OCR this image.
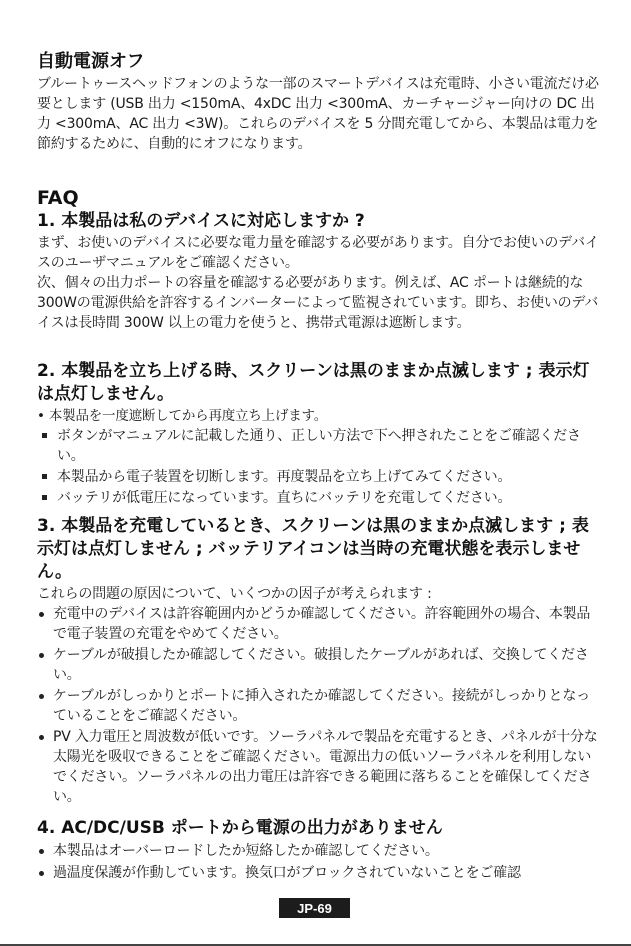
自動電源オフ

ブルートゥースヘッドフォンのような一部のスマートデバイスは充電時、小さい電流だけ必要とします (USB 出力 <150mA、4xDC 出力 <300mA、カーチャージャー向けの DC 出力 <300mA、AC 出力 <3W)。これらのデバイスを 5 分間充電してから、本製品は電力を節約するために、自動的にオフになります。

FAQ
1. 本製品は私のデバイスに対応しますか ?

まず、お使いのデバイスに必要な電力量を確認する必要があります。自分でお使いのデバイスのユーザマニュアルをご確認ください。

次、個々の出力ポートの容量を確認する必要があります。例えば、AC ポートは継続的な300Wの電源供給を許容するインバーターによって監視されています。即ち、お使いのデバイスは長時間 300W 以上の電力を使うと、携帯式電源は遮断します。

2. 本製品を立ち上げる時、スクリーンは黒のままか点滅します ; 表示灯は点灯しません。

• 本製品を一度遮断してから再度立ち上げます。

ボタンがマニュアルに記載した通り、正しい方法で下へ押されたことをご確認ください。
本製品から電子装置を切断します。再度製品を立ち上げてみてください。
バッテリが低電圧になっています。直ちにバッテリを充電してください。
3. 本製品を充電しているとき、スクリーンは黒のままか点滅します ; 表示灯は点灯しません ; バッテリアイコンは当時の充電状態を表示しません。

これらの問題の原因について、いくつかの因子が考えられます :

充電中のデバイスは許容範囲内かどうか確認してください。許容範囲外の場合、本製品で電子装置の充電をやめてください。
ケーブルが破損したか確認してください。破損したケーブルがあれば、交換してください。
ケーブルがしっかりとポートに挿入されたか確認してください。接続がしっかりとなっていることをご確認ください。
PV 入力電圧と周波数が低いです。ソーラパネルで製品を充電するとき、パネルが十分な太陽光を吸収できることをご確認ください。電源出力の低いソーラパネルを利用しないでください。ソーラパネルの出力電圧は許容できる範囲に落ちることを確保してください。
4. AC/DC/USB ポートから電源の出力がありません
本製品はオーバーロードしたか短絡したか確認してください。
過温度保護が作動しています。換気口がブロックされていないことをご確認
JP-69
